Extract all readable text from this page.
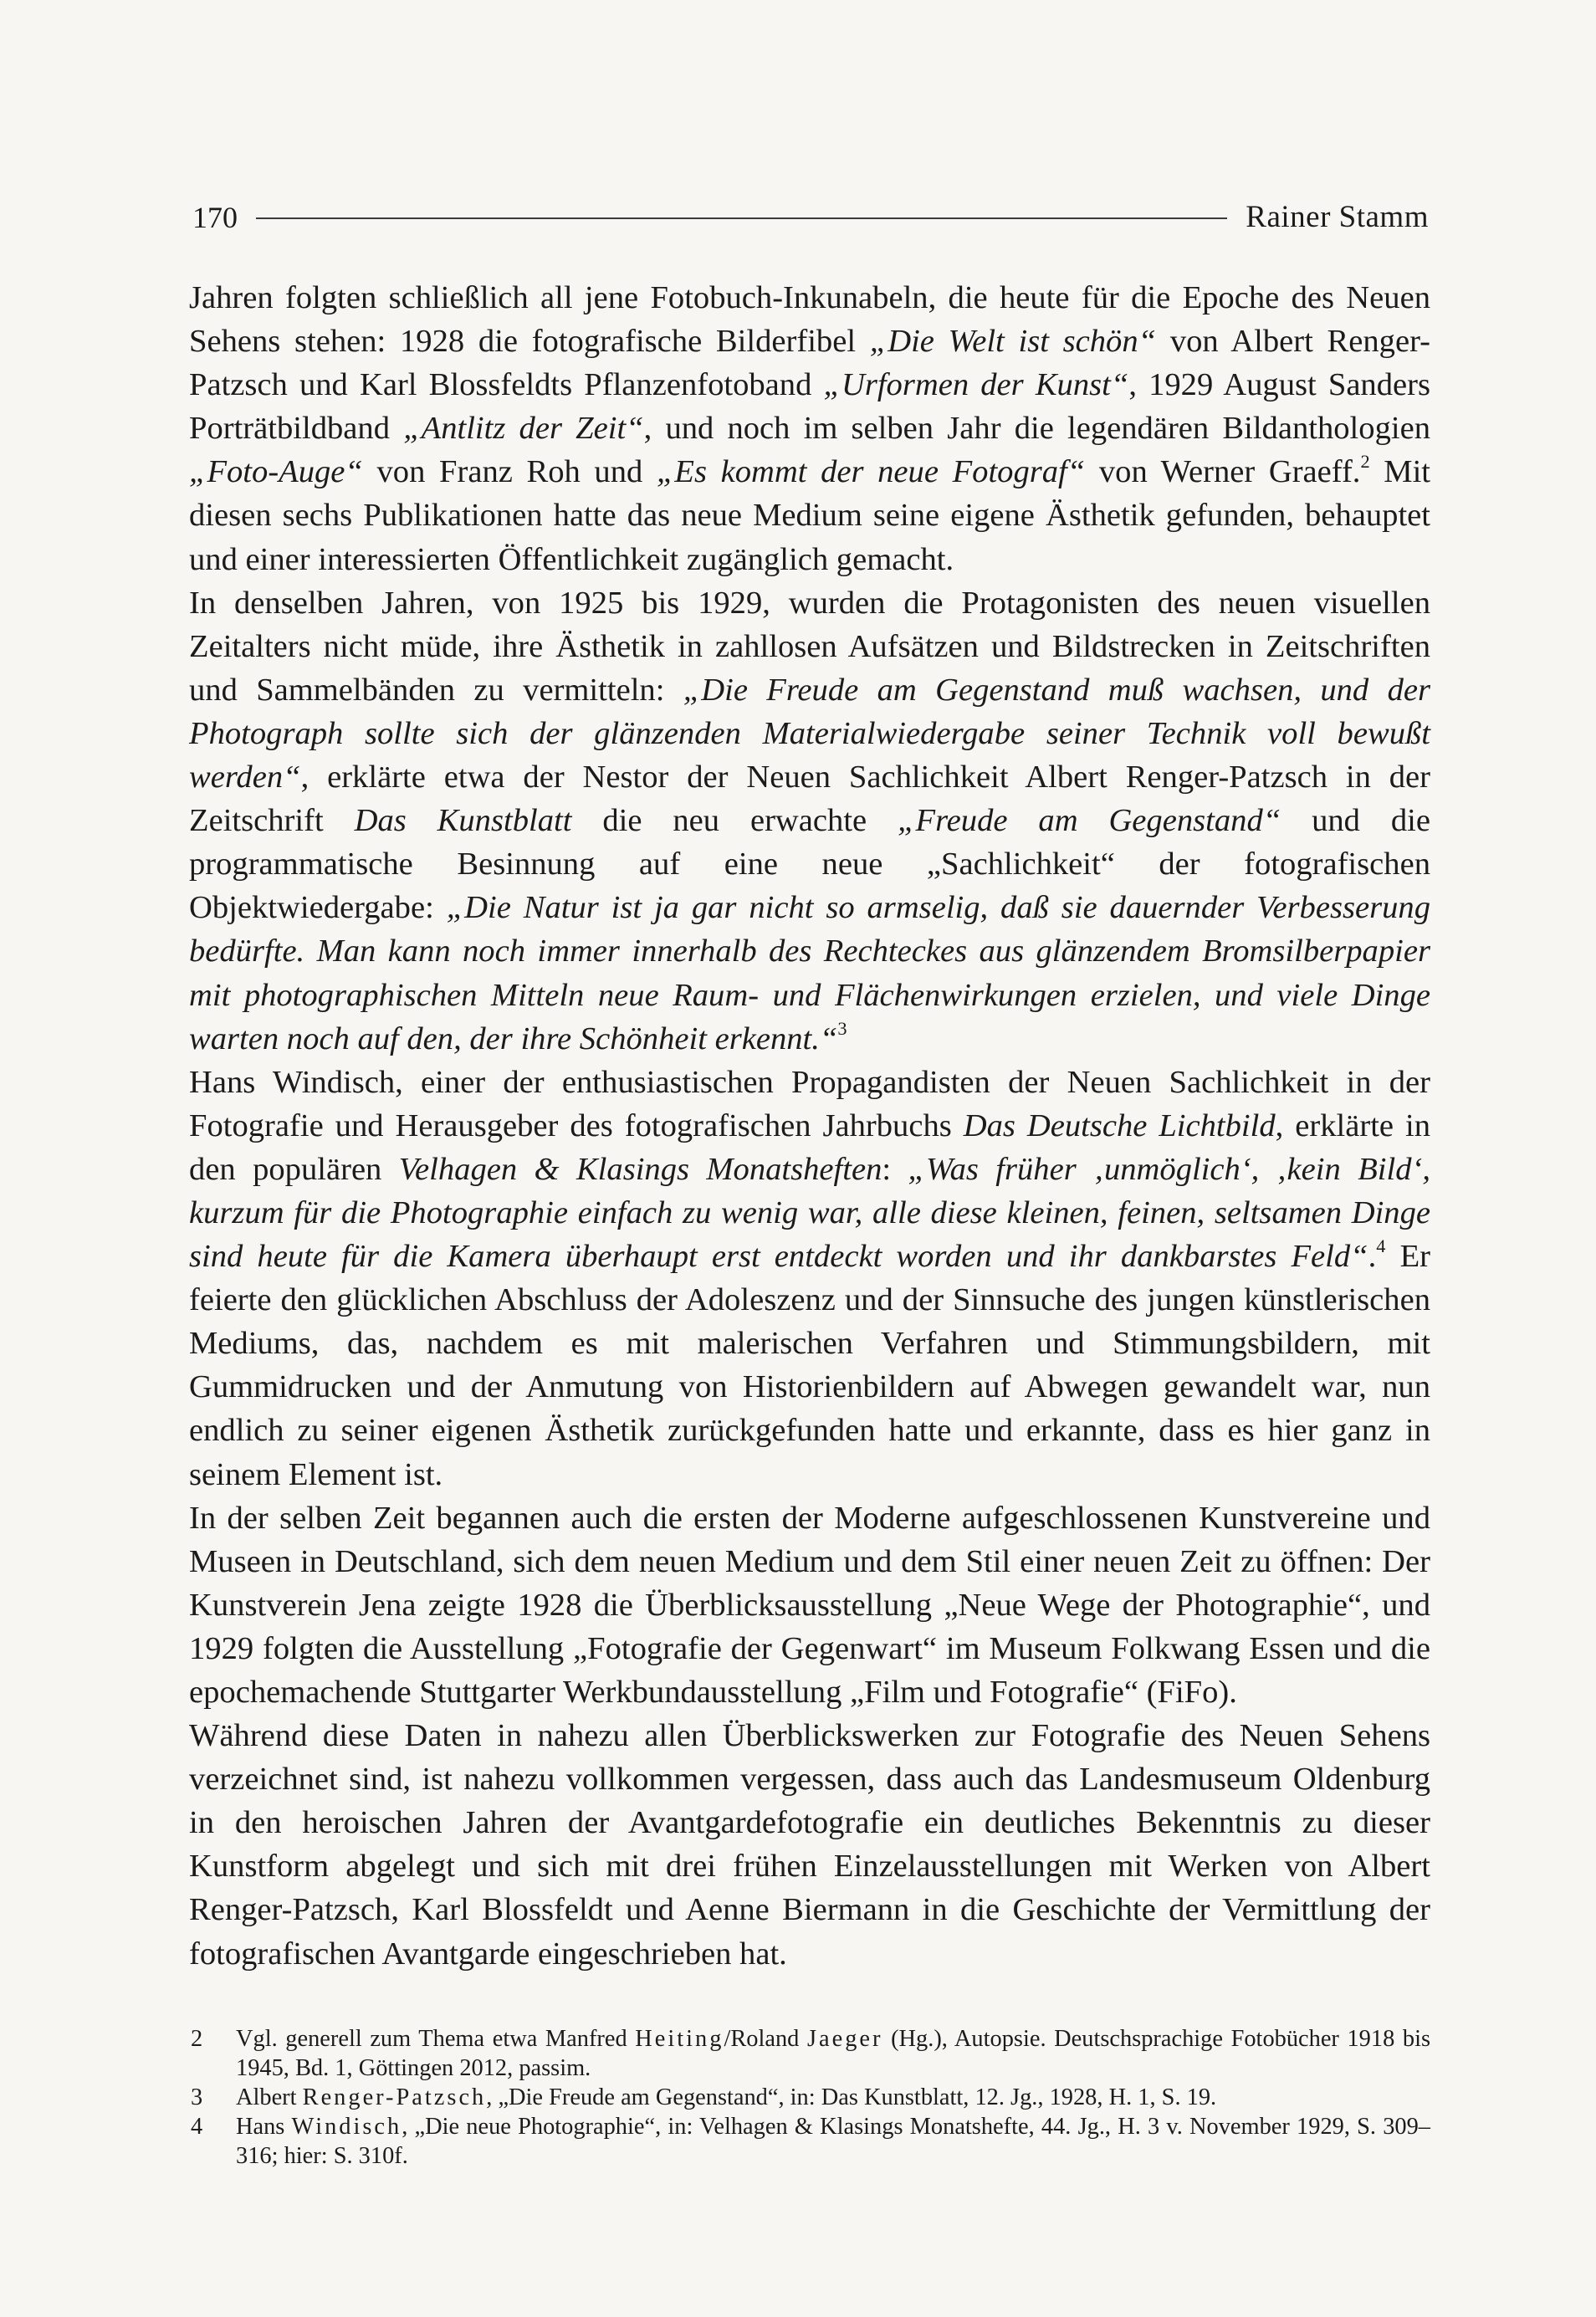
170	Rainer Stamm

Jahren folgten schließlich all jene Fotobuch-Inkunabeln, die heute für die Epoche des Neuen Sehens stehen: 1928 die fotografische Bilderfibel „Die Welt ist schön“ von Albert Renger-Patzsch und Karl Blossfeldts Pflanzenfotoband „Urformen der Kunst“, 1929 August Sanders Porträtbildband „Antlitz der Zeit“, und noch im selben Jahr die legendären Bildanthologien „Foto-Auge“ von Franz Roh und „Es kommt der neue Fotograf“ von Werner Graeff.$^2$ Mit diesen sechs Publikationen hatte das neue Medium seine eigene Ästhetik gefunden, behauptet und einer interessierten Öffentlichkeit zugänglich gemacht.

In denselben Jahren, von 1925 bis 1929, wurden die Protagonisten des neuen visuellen Zeitalters nicht müde, ihre Ästhetik in zahllosen Aufsätzen und Bildstrecken in Zeitschriften und Sammelbänden zu vermitteln: „Die Freude am Gegenstand muß wachsen, und der Photograph sollte sich der glänzenden Materialwiedergabe seiner Technik voll bewußt werden“, erklärte etwa der Nestor der Neuen Sachlichkeit Albert Renger-Patzsch in der Zeitschrift Das Kunstblatt die neu erwachte „Freude am Gegenstand“ und die programmatische Besinnung auf eine neue „Sachlichkeit“ der fotografischen Objektwiedergabe: „Die Natur ist ja gar nicht so armselig, daß sie dauernder Verbesserung bedürfte. Man kann noch immer innerhalb des Rechteckes aus glänzendem Bromsilberpapier mit photographischen Mitteln neue Raum- und Flächenwirkungen erzielen, und viele Dinge warten noch auf den, der ihre Schönheit erkennt.“$^3$

Hans Windisch, einer der enthusiastischen Propagandisten der Neuen Sachlichkeit in der Fotografie und Herausgeber des fotografischen Jahrbuchs Das Deutsche Lichtbild, erklärte in den populären Velhagen & Klasings Monatsheften: „Was früher ‚unmöglich‘, ‚kein Bild‘, kurzum für die Photographie einfach zu wenig war, alle diese kleinen, feinen, seltsamen Dinge sind heute für die Kamera überhaupt erst entdeckt worden und ihr dankbarstes Feld“.$^4$ Er feierte den glücklichen Abschluss der Adoleszenz und der Sinnsuche des jungen künstlerischen Mediums, das, nachdem es mit malerischen Verfahren und Stimmungsbildern, mit Gummidrucken und der Anmutung von Historienbildern auf Abwegen gewandelt war, nun endlich zu seiner eigenen Ästhetik zurückgefunden hatte und erkannte, dass es hier ganz in seinem Element ist.

In der selben Zeit begannen auch die ersten der Moderne aufgeschlossenen Kunstvereine und Museen in Deutschland, sich dem neuen Medium und dem Stil einer neuen Zeit zu öffnen: Der Kunstverein Jena zeigte 1928 die Überblicksausstellung „Neue Wege der Photographie“, und 1929 folgten die Ausstellung „Fotografie der Gegenwart“ im Museum Folkwang Essen und die epochemachende Stuttgarter Werkbundausstellung „Film und Fotografie“ (FiFo).

Während diese Daten in nahezu allen Überblickswerken zur Fotografie des Neuen Sehens verzeichnet sind, ist nahezu vollkommen vergessen, dass auch das Landesmuseum Oldenburg in den heroischen Jahren der Avantgardefotografie ein deutliches Bekenntnis zu dieser Kunstform abgelegt und sich mit drei frühen Einzelausstellungen mit Werken von Albert Renger-Patzsch, Karl Blossfeldt und Aenne Biermann in die Geschichte der Vermittlung der fotografischen Avantgarde eingeschrieben hat.

2	Vgl. generell zum Thema etwa Manfred Heiting/Roland Jaeger (Hg.), Autopsie. Deutschsprachige Fotobücher 1918 bis 1945, Bd. 1, Göttingen 2012, passim.
3	Albert Renger-Patzsch, „Die Freude am Gegenstand“, in: Das Kunstblatt, 12. Jg., 1928, H. 1, S. 19.
4	Hans Windisch, „Die neue Photographie“, in: Velhagen & Klasings Monatshefte, 44. Jg., H. 3 v. November 1929, S. 309–316; hier: S. 310f.
